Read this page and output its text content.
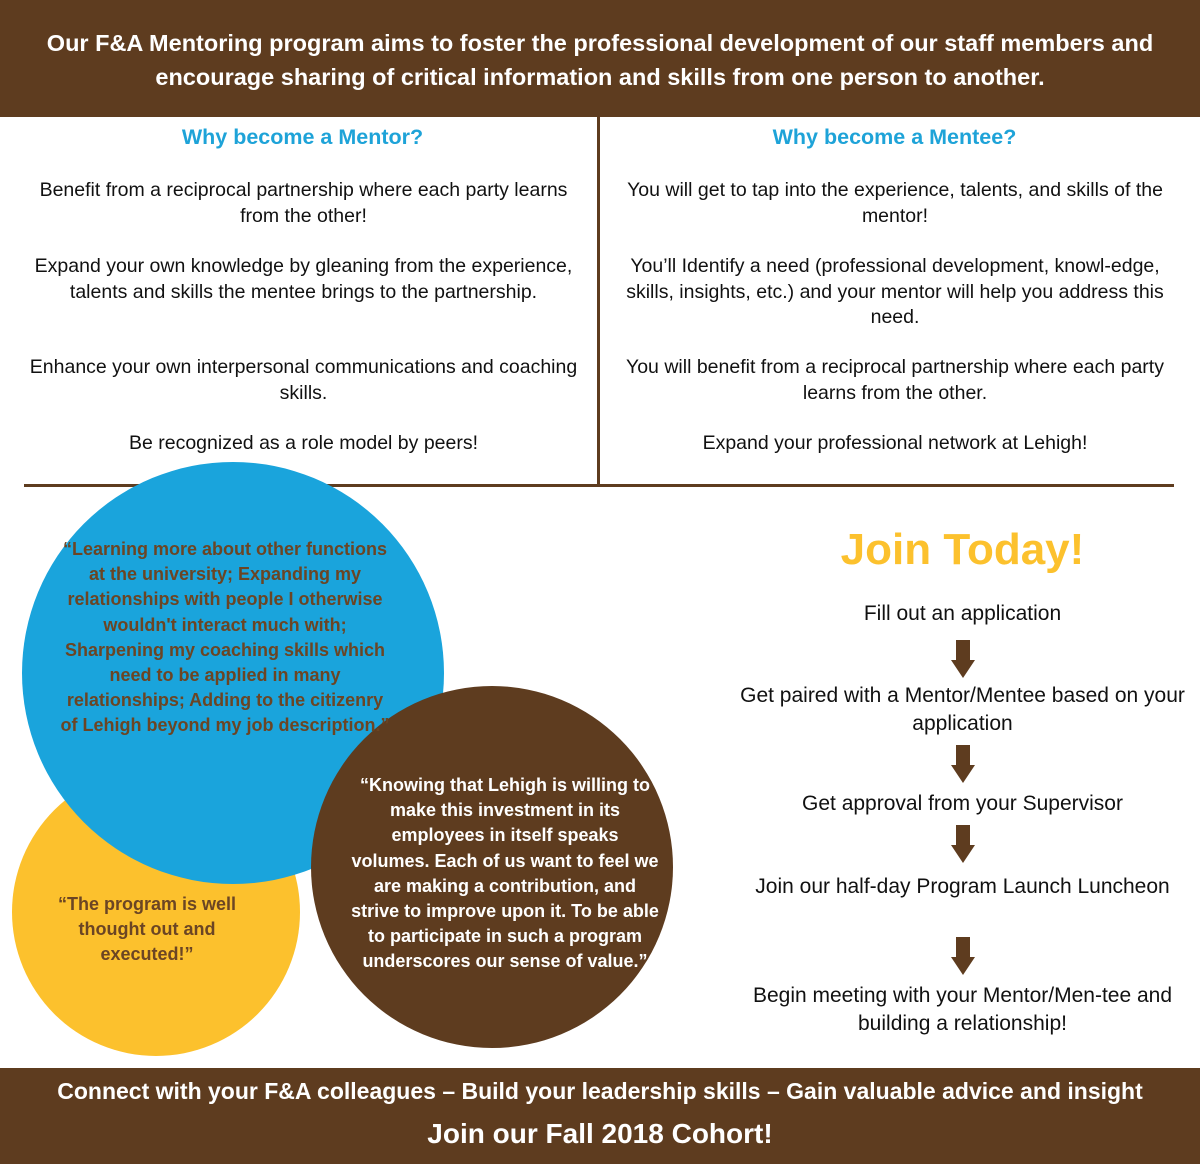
Our F&A Mentoring program aims to foster the professional development of our staff members and
encourage sharing of critical information and skills from one person to another.
Why become a Mentor?
Benefit from a reciprocal partnership where each party learns from the other!
Expand your own knowledge by gleaning from the experience, talents and skills the mentee brings to the partnership.
Enhance your own interpersonal communications and coaching skills.
Be recognized as a role model by peers!
Why become a Mentee?
You will get to tap into the experience, talents, and skills of the mentor!
You’ll Identify a need (professional development, knowl-edge, skills, insights, etc.) and your mentor will help you address this need.
You will benefit from a reciprocal partnership where each party learns from the other.
Expand your professional network at Lehigh!
“Learning more about other functions at the university; Expanding my relationships with people I otherwise wouldn't interact much with; Sharpening my coaching skills which need to be applied in many relationships; Adding to the citizenry of Lehigh beyond my job description.”
“The program is well thought out and executed!”
“Knowing that Lehigh is willing to make this investment in its employees in itself speaks volumes. Each of us want to feel we are making a contribution, and strive to improve upon it. To be able to participate in such a program underscores our sense of value.”
Join Today!
Fill out an application
Get paired with a Mentor/Mentee based on your application
Get approval from your Supervisor
Join our half-day Program Launch Luncheon
Begin meeting with your Mentor/Men-tee and building a relationship!
Connect with your F&A colleagues – Build your leadership skills – Gain valuable advice and insight
Join our Fall 2018 Cohort!
